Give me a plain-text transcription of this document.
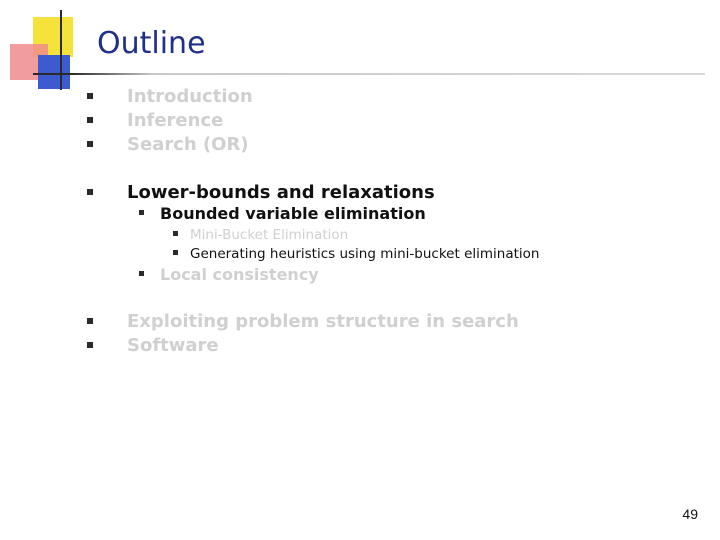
Outline
Introduction
Inference
Search (OR)
Lower-bounds and relaxations
Bounded variable elimination
Mini-Bucket Elimination
Generating heuristics using mini-bucket elimination
Local consistency
Exploiting problem structure in search
Software
49
